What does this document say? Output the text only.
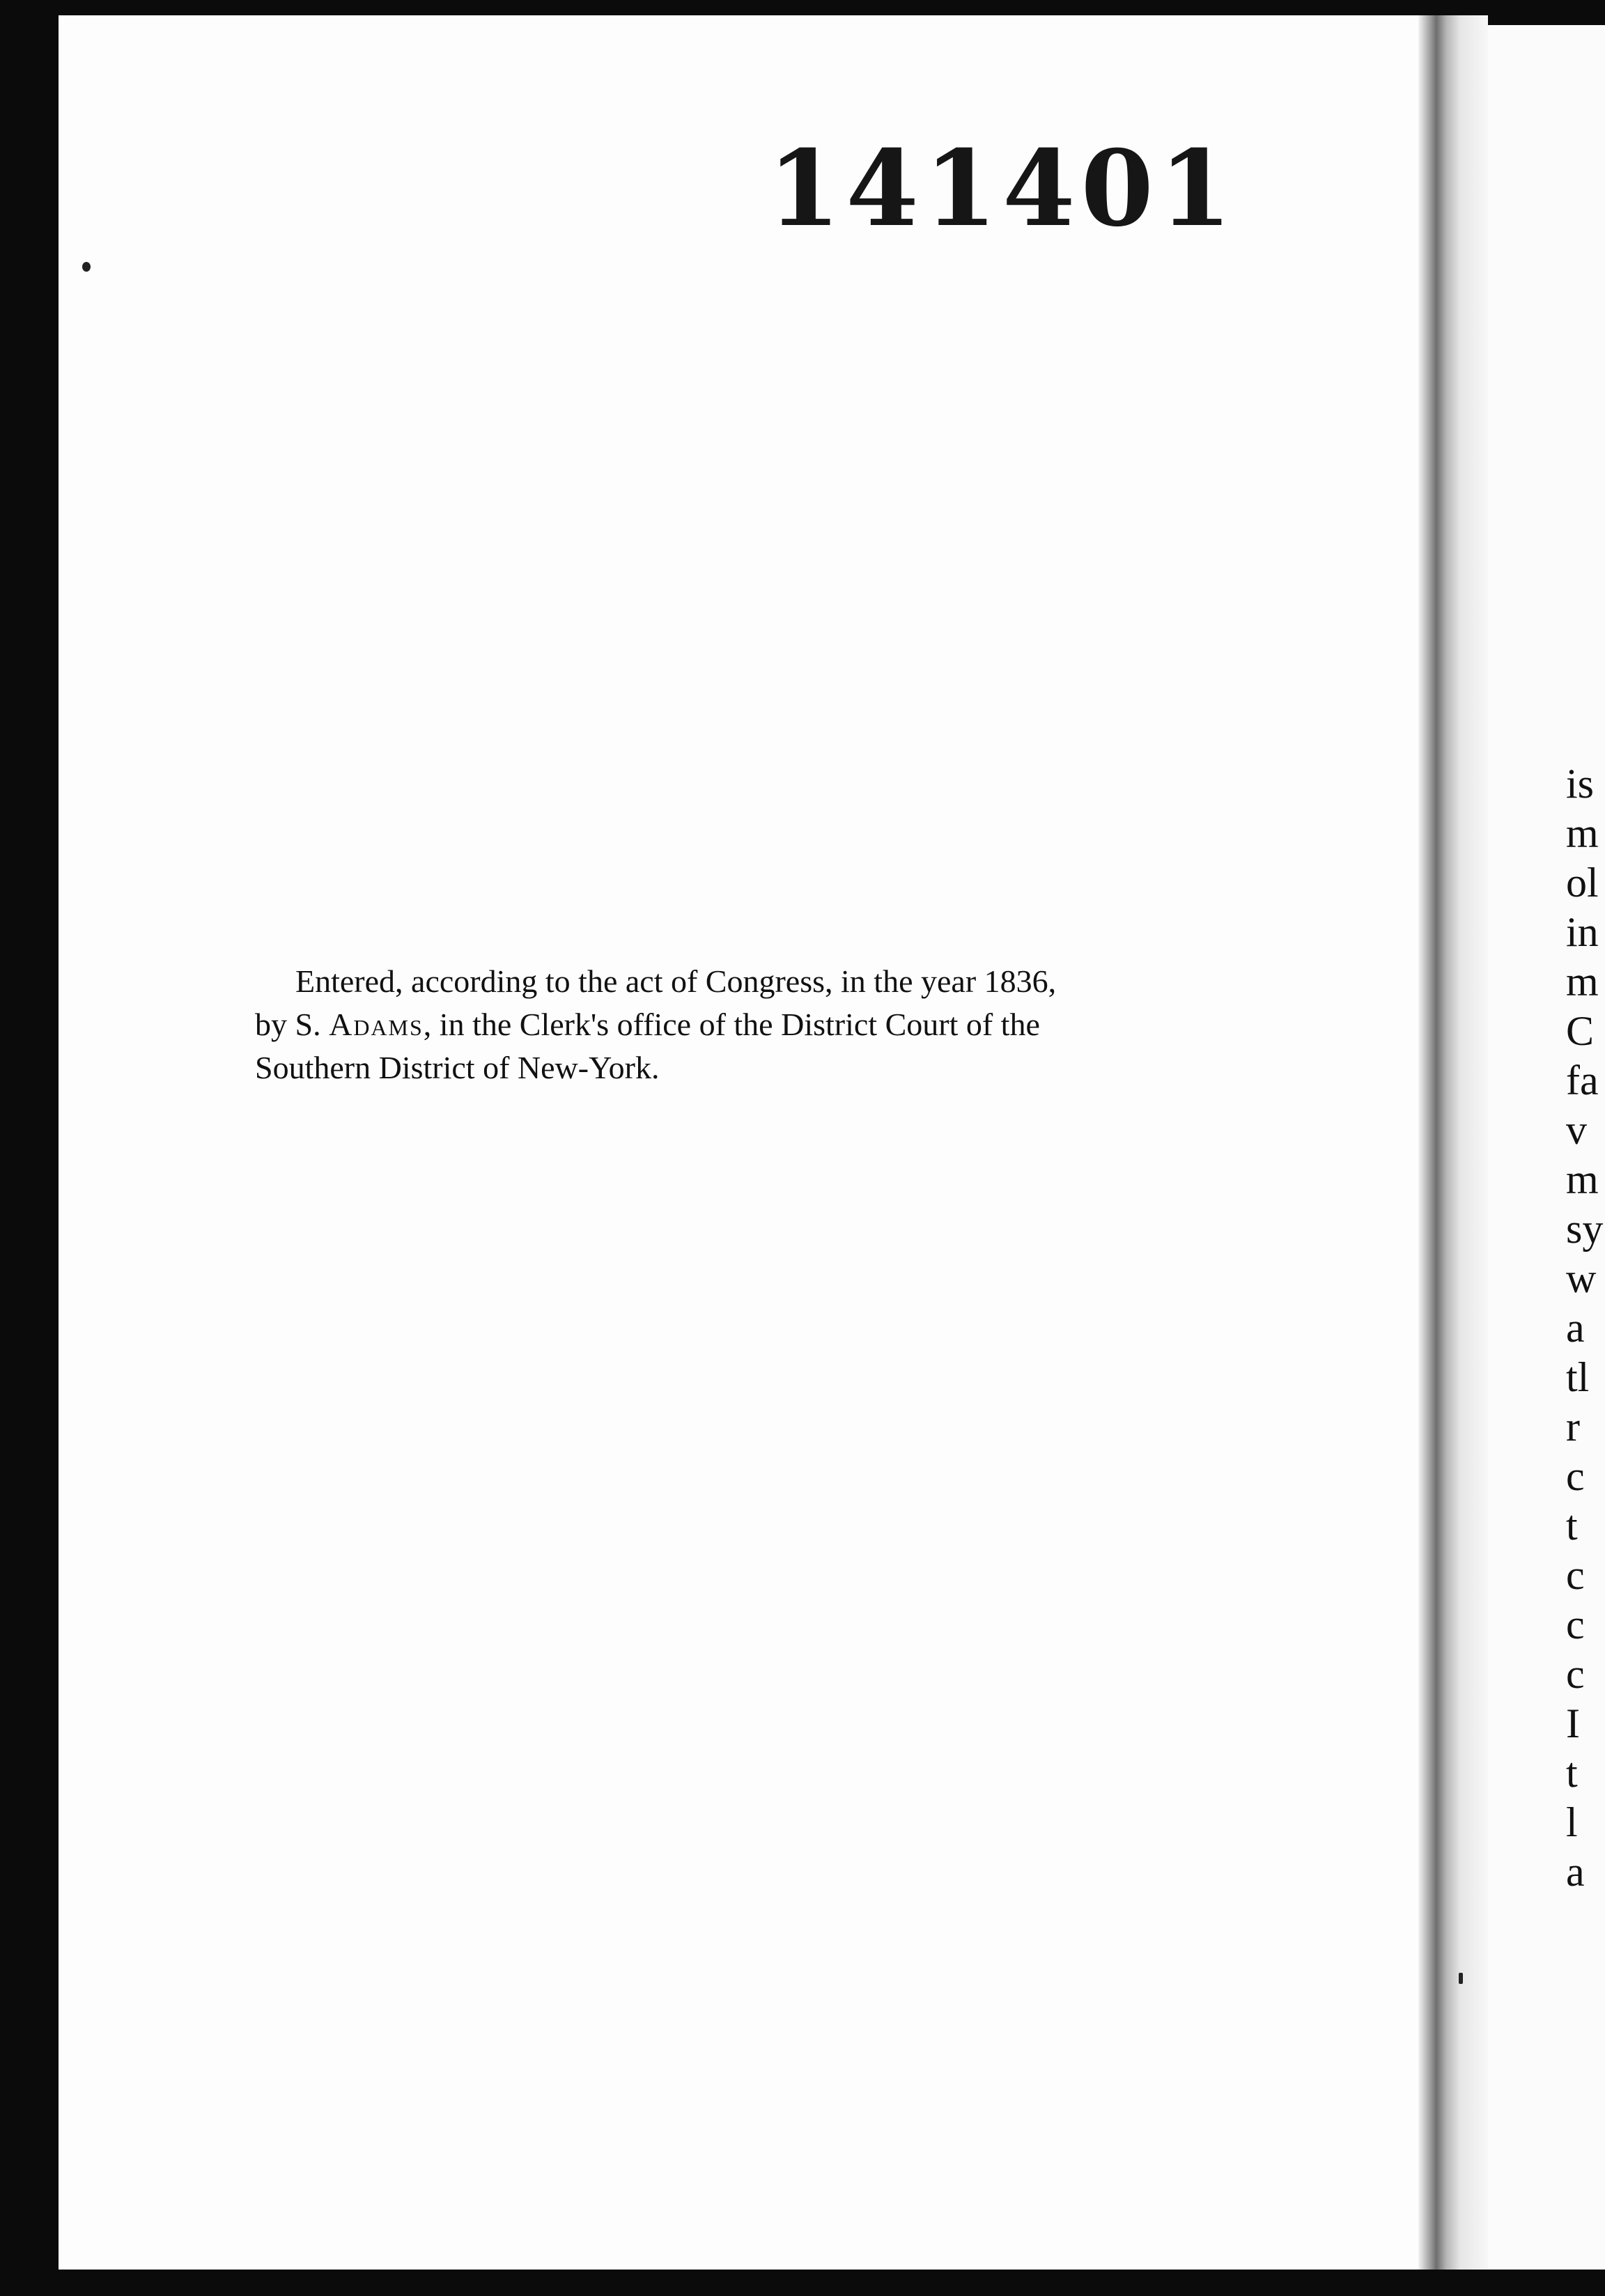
141401

Entered, according to the act of Congress, in the year 1836,

by S. Adams, in the Clerk's office of the District Court of the

Southern District of New-York.

is
m
ol
in
m
C
fa
v
m
sy
w
a
tl
r
c
t
c
c
c
I
t
l
a
